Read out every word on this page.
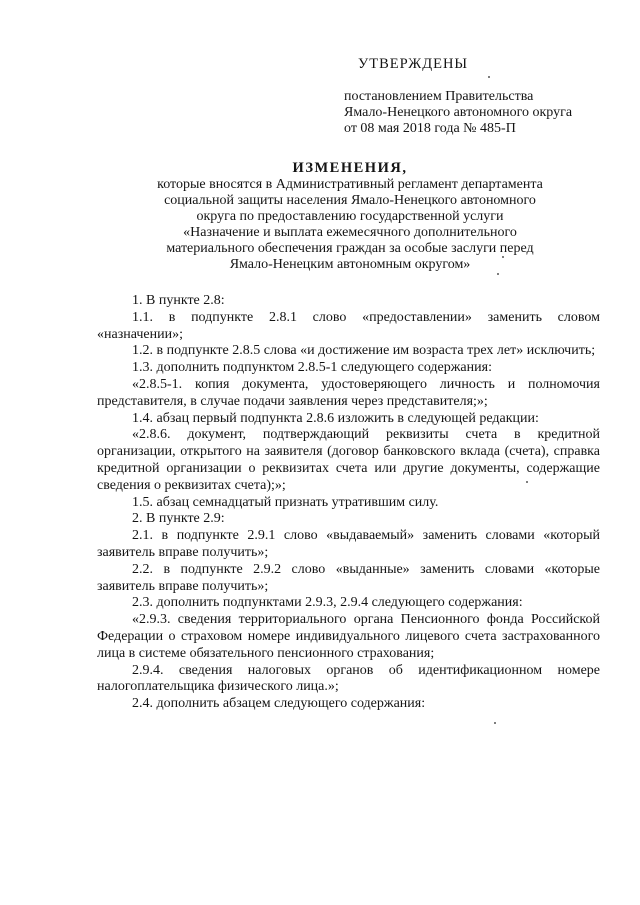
УТВЕРЖДЕНЫ
постановлением Правительства
Ямало-Ненецкого автономного округа
от 08 мая 2018 года № 485-П
ИЗМЕНЕНИЯ,
которые вносятся в Административный регламент департамента
социальной защиты населения Ямало-Ненецкого автономного
округа по предоставлению государственной услуги
«Назначение и выплата ежемесячного дополнительного
материального обеспечения граждан за особые заслуги перед
Ямало-Ненецким автономным округом»

1. В пункте 2.8:

1.1. в подпункте 2.8.1 слово «предоставлении» заменить словом «назначении»;

1.2. в подпункте 2.8.5 слова «и достижение им возраста трех лет» исключить;

1.3. дополнить подпунктом 2.8.5-1 следующего содержания:

«2.8.5-1. копия документа, удостоверяющего личность и полномочия представителя, в случае подачи заявления через представителя;»;

1.4. абзац первый подпункта 2.8.6 изложить в следующей редакции:

«2.8.6. документ, подтверждающий реквизиты счета в кредитной организации, открытого на заявителя (договор банковского вклада (счета), справка кредитной организации о реквизитах счета или другие документы, содержащие сведения о реквизитах счета);»;

1.5. абзац семнадцатый признать утратившим силу.

2. В пункте 2.9:

2.1. в подпункте 2.9.1 слово «выдаваемый» заменить словами «который заявитель вправе получить»;

2.2. в подпункте 2.9.2 слово «выданные» заменить словами «которые заявитель вправе получить»;

2.3. дополнить подпунктами 2.9.3, 2.9.4 следующего содержания:

«2.9.3. сведения территориального органа Пенсионного фонда Российской Федерации о страховом номере индивидуального лицевого счета застрахованного лица в системе обязательного пенсионного страхования;

2.9.4. сведения налоговых органов об идентификационном номере налогоплательщика физического лица.»;

2.4. дополнить абзацем следующего содержания:
